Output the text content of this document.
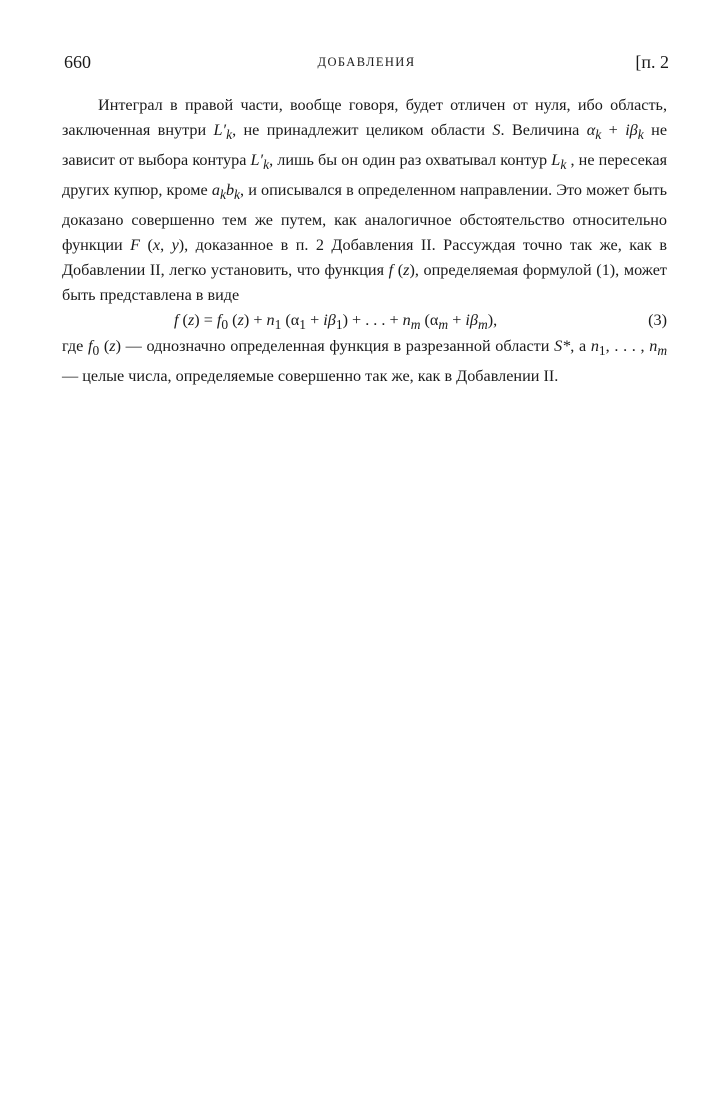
660	ДОБАВЛЕНИЯ	[п. 2

Интеграл в правой части, вообще говоря, будет отличен от нуля, ибо область, заключенная внутри $L'_k$, не принадлежит целиком области S. Величина $\alpha_k + i\beta_k$ не зависит от выбора контура $L'_k$, лишь бы он один раз охватывал контур $L_k$ , не пересекая других купюр, кроме $a_kb_k$, и описывался в определенном направлении. Это может быть доказано совершенно тем же путем, как аналогичное обстоятельство относительно функции F (x, y), доказанное в п. 2 Добавления II. Рассуждая точно так же, как в Добавлении II, легко установить, что функция f (z), определяемая формулой (1), может быть представлена в виде

f $(z) = f_0$ $(z) + n_1$ $(\alpha_1 + i\beta_1)$ + . . . + $n_m$ $(\alpha_m + i\beta_m)$,	(3)

где $f_0$ (z) — однозначно определенная функция в разрезанной области S*, а $n_1$, . . . , $n_m$ — целые числа, определяемые совершенно так же, как в Добавлении II.
